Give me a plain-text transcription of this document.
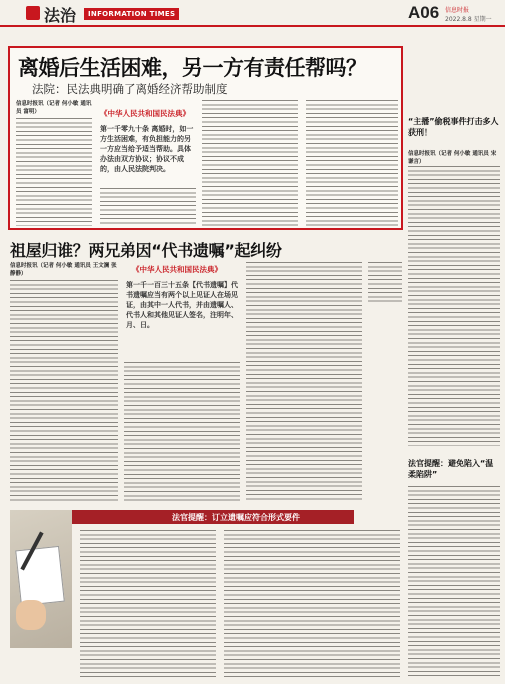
法治	INFORMATION TIMES	A06 信息时报
2022.8.8 星期一
离婚后生活困难，另一方有责任帮吗？
法院：民法典明确了离婚经济帮助制度
信息时报讯（记者 何小敏 通讯员 富明）	《中华人民共和国民法典》
第一千零九十条 离婚时，如一方生活困难，有负担能力的另一方应当给予适当帮助。具体办法由双方协议；协议不成的，由人民法院判决。
“主播”偷税事件打击多人获刑！
信息时报讯（记者 何小敏 通讯员 宋谦言）
法官提醒：避免陷入“温柔陷阱”
祖屋归谁？两兄弟因“代书遗嘱”起纠纷
信息时报讯（记者 何小敏 通讯员 王文澜 张静静）	《中华人民共和国民法典》
第一千一百三十五条【代书遗嘱】代书遗嘱应当有两个以上见证人在场见证，由其中一人代书，并由遗嘱人、代书人和其他见证人签名，注明年、月、日。
法官提醒：订立遗嘱应符合形式要件
